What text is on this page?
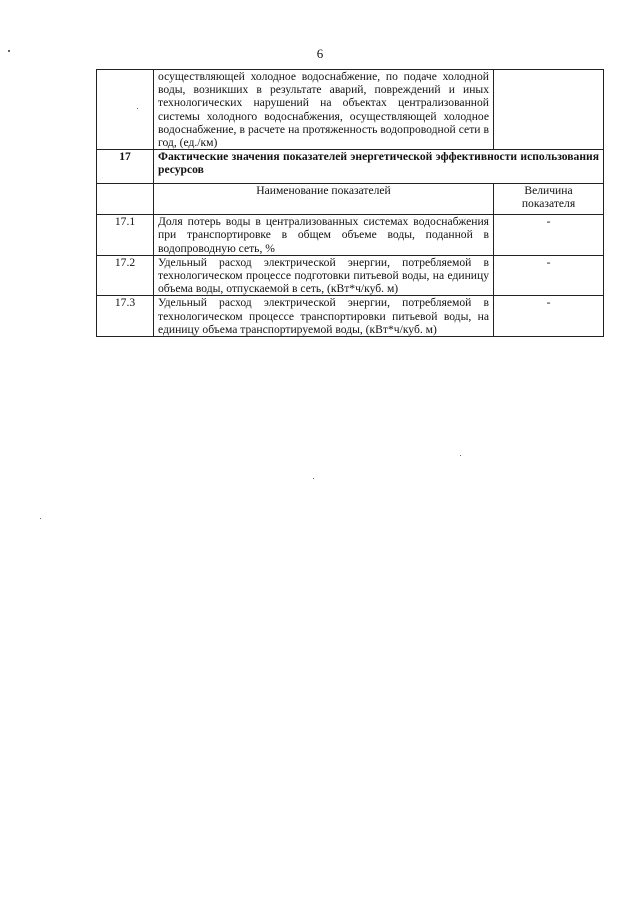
6
	осуществляющей холодное водоснабжение, по подаче холодной воды, возникших в результате аварий, повреждений и иных технологических нарушений на объектах централизованной системы холодного водоснабжения, осуществляющей холодное водоснабжение, в расчете на протяженность водопроводной сети в год, (ед./км)	
17	Фактические значения показателей энергетической эффективности использования ресурсов	
	Наименование показателей	Величина показателя
17.1	Доля потерь воды в централизованных системах водоснабжения при транспортировке в общем объеме воды, поданной в водопроводную сеть, %	-
17.2	Удельный расход электрической энергии, потребляемой в технологическом процессе подготовки питьевой воды, на единицу объема воды, отпускаемой в сеть, (кВт*ч/куб. м)	-
17.3	Удельный расход электрической энергии, потребляемой в технологическом процессе транспортировки питьевой воды, на единицу объема транспортируемой воды, (кВт*ч/куб. м)	-
